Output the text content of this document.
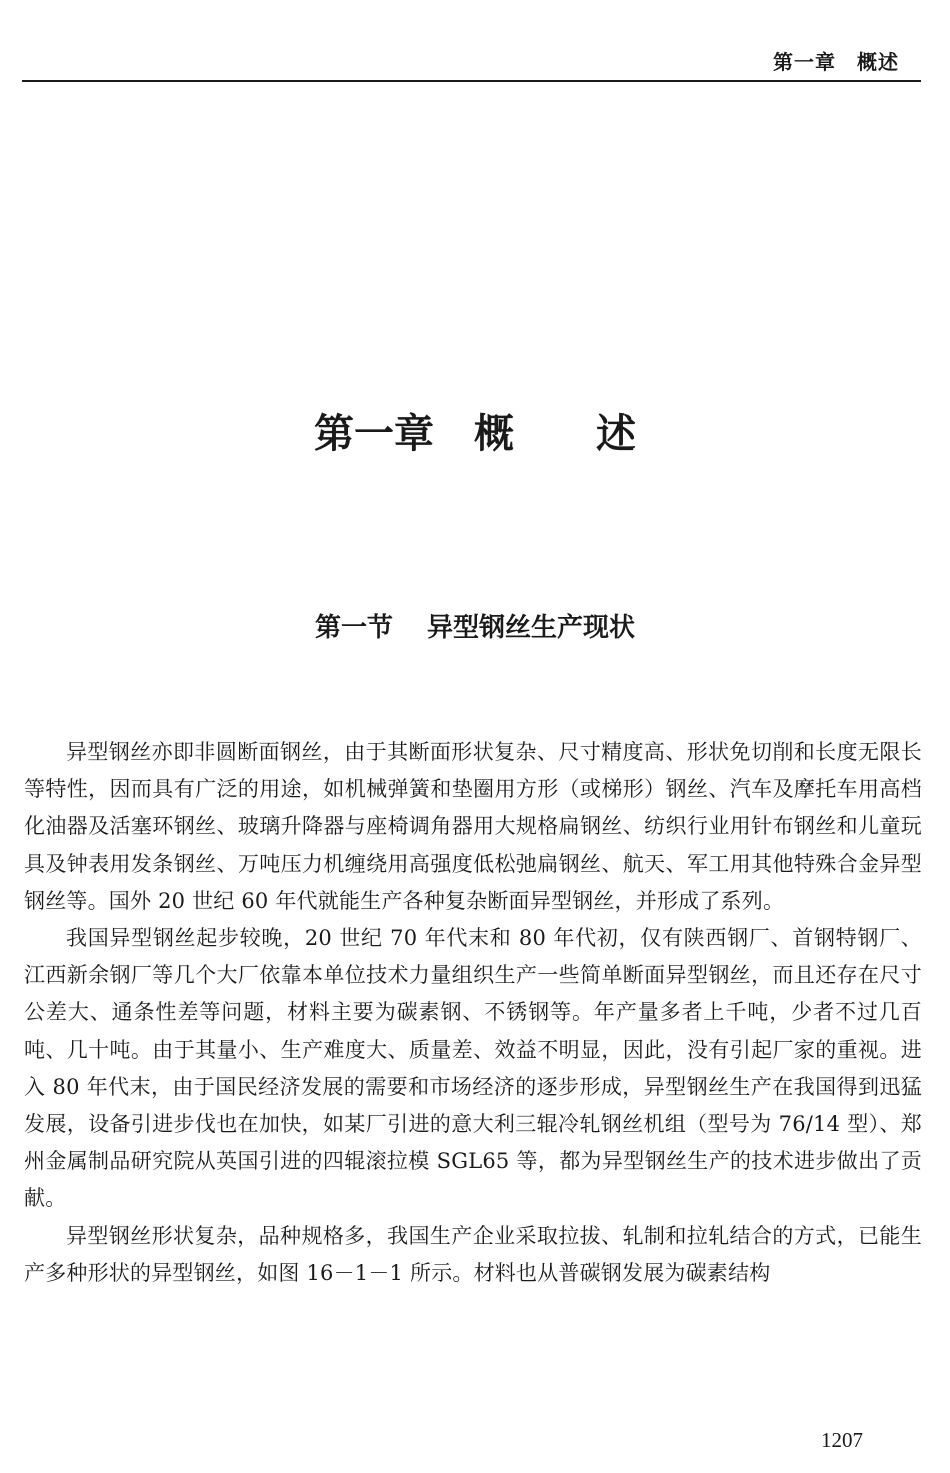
第一章　概述
第一章 概 述
第一节 异型钢丝生产现状

异型钢丝亦即非圆断面钢丝，由于其断面形状复杂、尺寸精度高、形状免切削和长度无限长等特性，因而具有广泛的用途，如机械弹簧和垫圈用方形（或梯形）钢丝、汽车及摩托车用高档化油器及活塞环钢丝、玻璃升降器与座椅调角器用大规格扁钢丝、纺织行业用针布钢丝和儿童玩具及钟表用发条钢丝、万吨压力机缠绕用高强度低松弛扁钢丝、航天、军工用其他特殊合金异型钢丝等。国外 20 世纪 60 年代就能生产各种复杂断面异型钢丝，并形成了系列。

我国异型钢丝起步较晚，20 世纪 70 年代末和 80 年代初，仅有陕西钢厂、首钢特钢厂、江西新余钢厂等几个大厂依靠本单位技术力量组织生产一些简单断面异型钢丝，而且还存在尺寸公差大、通条性差等问题，材料主要为碳素钢、不锈钢等。年产量多者上千吨，少者不过几百吨、几十吨。由于其量小、生产难度大、质量差、效益不明显，因此，没有引起厂家的重视。进入 80 年代末，由于国民经济发展的需要和市场经济的逐步形成，异型钢丝生产在我国得到迅猛发展，设备引进步伐也在加快，如某厂引进的意大利三辊冷轧钢丝机组（型号为 76/14 型）、郑州金属制品研究院从英国引进的四辊滚拉模 SGL65 等，都为异型钢丝生产的技术进步做出了贡献。

异型钢丝形状复杂，品种规格多，我国生产企业采取拉拔、轧制和拉轧结合的方式，已能生产多种形状的异型钢丝，如图 16－1－1 所示。材料也从普碳钢发展为碳素结构

1207
